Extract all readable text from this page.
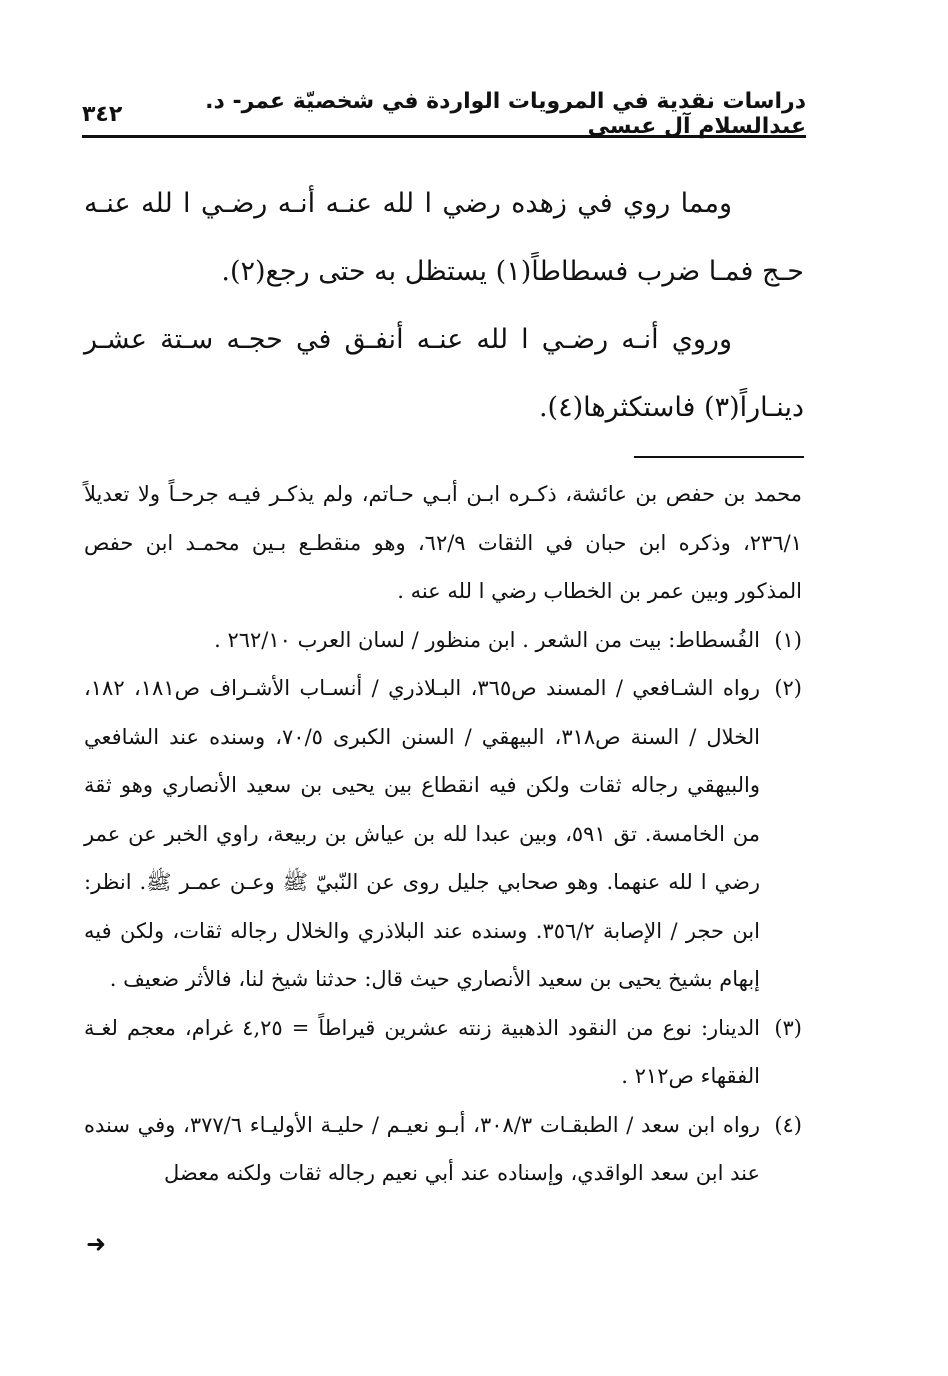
دراسات نقدية في المرويات الواردة في شخصيّة عمر- د. عبدالسلام آل عيسى
٣٤٢

ومما روي في زهده رضي ا لله عنـه أنـه رضـي ا لله عنـه حـج فمـا ضرب فسطاطاً(١) يستظل به حتى رجع(٢).

وروي أنـه رضـي ا لله عنـه أنفـق في حجـه سـتة عشـر دينـاراً(٣) فاستكثرها(٤).

محمد بن حفص بن عائشة، ذكـره ابـن أبـي حـاتم، ولم يذكـر فيـه جرحـاً ولا تعديلاً ٢٣٦/١، وذكره ابن حبان في الثقات ٦٢/٩، وهو منقطـع بـين محمـد ابن حفص المذكور وبين عمر بن الخطاب رضي ا لله عنه .

(١)
الفُسطاط: بيت من الشعر . ابن منظور / لسان العرب ٢٦٢/١٠ .
(٢)
رواه الشـافعي / المسند ص٣٦٥، البـلاذري / أنسـاب الأشـراف ص١٨١، ١٨٢، الخلال / السنة ص٣١٨، البيهقي / السنن الكبرى ٧٠/٥، وسنده عند الشافعي والبيهقي رجاله ثقات ولكن فيه انقطاع بين يحيى بن سعيد الأنصاري وهو ثقة من الخامسة. تق ٥٩١، وبين عبدا لله بن عياش بن ربيعة، راوي الخبر عن عمر رضي ا لله عنهما. وهو صحابي جليل روى عن النّبيّ ﷺ وعـن عمـر ﷺ. انظر: ابن حجر / الإصابة ٣٥٦/٢. وسنده عند البلاذري والخلال رجاله ثقات، ولكن فيه إبهام بشيخ يحيى بن سعيد الأنصاري حيث قال: حدثنا شيخ لنا، فالأثر ضعيف .
(٣)
الدينار: نوع من النقود الذهبية زنته عشرين قيراطاً = ٤,٢٥ غرام، معجم لغـة الفقهاء ص٢١٢ .
(٤)
رواه ابن سعد / الطبقـات ٣٠٨/٣، أبـو نعيـم / حليـة الأوليـاء ٣٧٧/٦، وفي سنده عند ابن سعد الواقدي، وإسناده عند أبي نعيم رجاله ثقات ولكنه معضل
➜
